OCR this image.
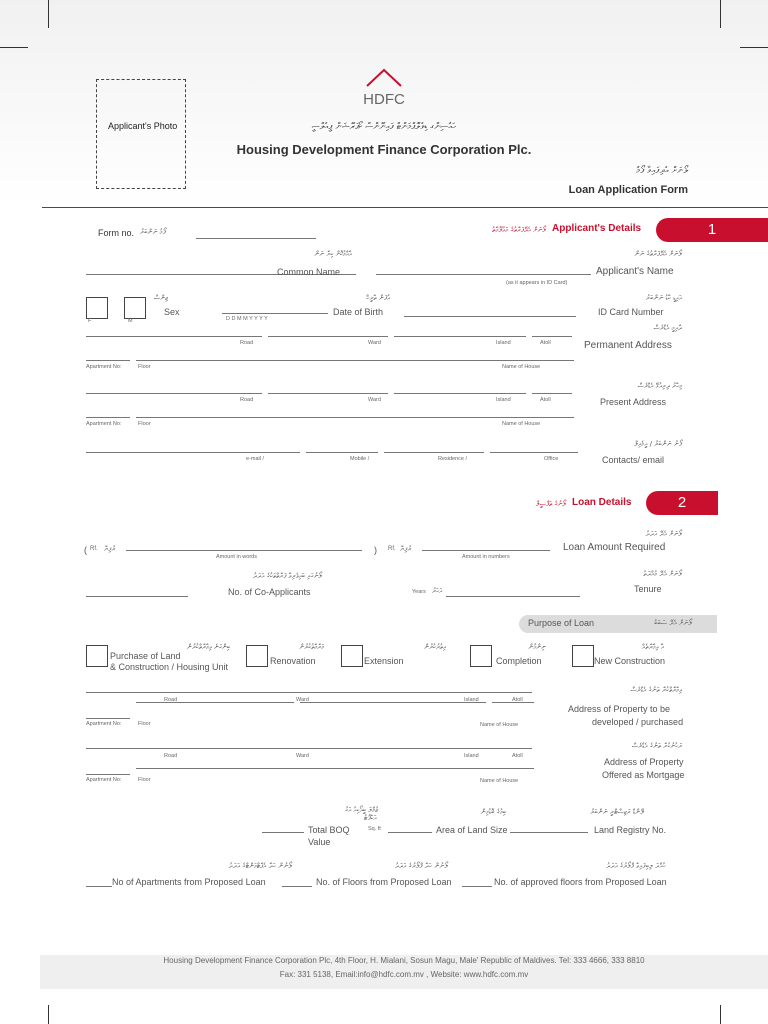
Applicant's Photo
HDFC
ހައުސިންގ ޑިވެލޮޕްމަންޓް ފައިނޭންސް ކޯޕަރޭޝަން ޕީއެލްސީ
Housing Development Finance Corporation Plc.
ލޯނަށް އެދިފައިވާ ފޯމު
Loan Application Form
Form no. ފޯމު ނަންބަރު	ލޯނަށް އެދޭފަރާތުގެ މަޢުލޫމާތު Applicant's Details	1
އާއްމުކޮށް ކިޔާ ނަން
Common Name
ލޯނަށް އެދޭފަރާތުގެ ނަން
Applicant's Name
(as it appears in ID Card)
F	M
ޖިންސް
Sex
އުފަން ތާރީޚް
Date of Birth
D D M M Y Y Y Y
އައިޑީ ކާޑު ނަންބަރު
ID Card Number
ދާއިމީ އެޑްރެސް
Permanent Address
Road	Ward	Island	Atoll
Apartment No:	Floor	Name of House
މިހާރު ދިރިއުޅޭ އެޑްރެސް
Present Address
Road	Ward	Island	Atoll
Apartment No:	Floor	Name of House
ފޯނު ނަންބަރު / އީމެއިލް
Contacts/ email
e-mail /	Mobile /	Residence /	Office
ލޯނުގެ ތަފްސީލް Loan Details	2
ލޯނަށް އެދޭ އަދަދު
Loan Amount Required
( Rf. ރުފިޔާ	)
Amount in words
Rf. ރުފިޔާ
Amount in numbers
ލޯނަށް އެދޭ މުއްދަތު
Tenure
Years އަހަރު
ލޯނުގައި ބައިވެރިވާ ފަރާތްތަކުގެ އަދަދު
No. of Co-Applicants
Purpose of Loan	ލޯނަށް އެދޭ ސަބަބު
ބިންގަނެ ޢިމާރާތްކުރުން
Purchase of Land
& Construction / Housing Unit
މަރާމާތުކުރުން
Renovation
އިތުރުކުރުން
Extension
ނިންމުން
Completion
އާ ޢިމާރާތެއް
New Construction
ޢިމާރާތްކުރާ ތަނުގެ އެޑްރެސް
Address of Property to be
developed / purchased
Road	Ward	Island	Atoll
Apartment No:	Floor	Name of House
ރަހުނުކުރާ ތަނުގެ އެޑްރެސް
Address of Property
Offered as Mortgage
Road	Ward	Island	Atoll
Apartment No:	Floor	Name of House
ޖުމްލަ ބީއޯކިއު އަގު
Total BOQ
Value
އަކަފޫޓު
Sq. ft
ބިމުގެ ބޮޑުމިން
Area of Land Size
ލޭންޑް ރަޖިސްޓްރީ ނަންބަރު
Land Registry No.
ލޯނުން ހަދާ އެޕާޓްމަންޓްގެ އަދަދު
No of Apartments from Proposed Loan
ލޯނުން ހަދާ ފްލޯރުގެ އަދަދު
No. of Floors from Proposed Loan
ހުއްދަ ލިބިފައިވާ ފްލޯރުގެ އަދަދު
No. of approved floors from Proposed Loan
Housing Development Finance Corporation Plc, 4th Floor, H. Mialani, Sosun Magu, Male' Republic of Maldives. Tel: 333 4666, 333 8810
Fax: 331 5138, Email:info@hdfc.com.mv , Website: www.hdfc.com.mv
